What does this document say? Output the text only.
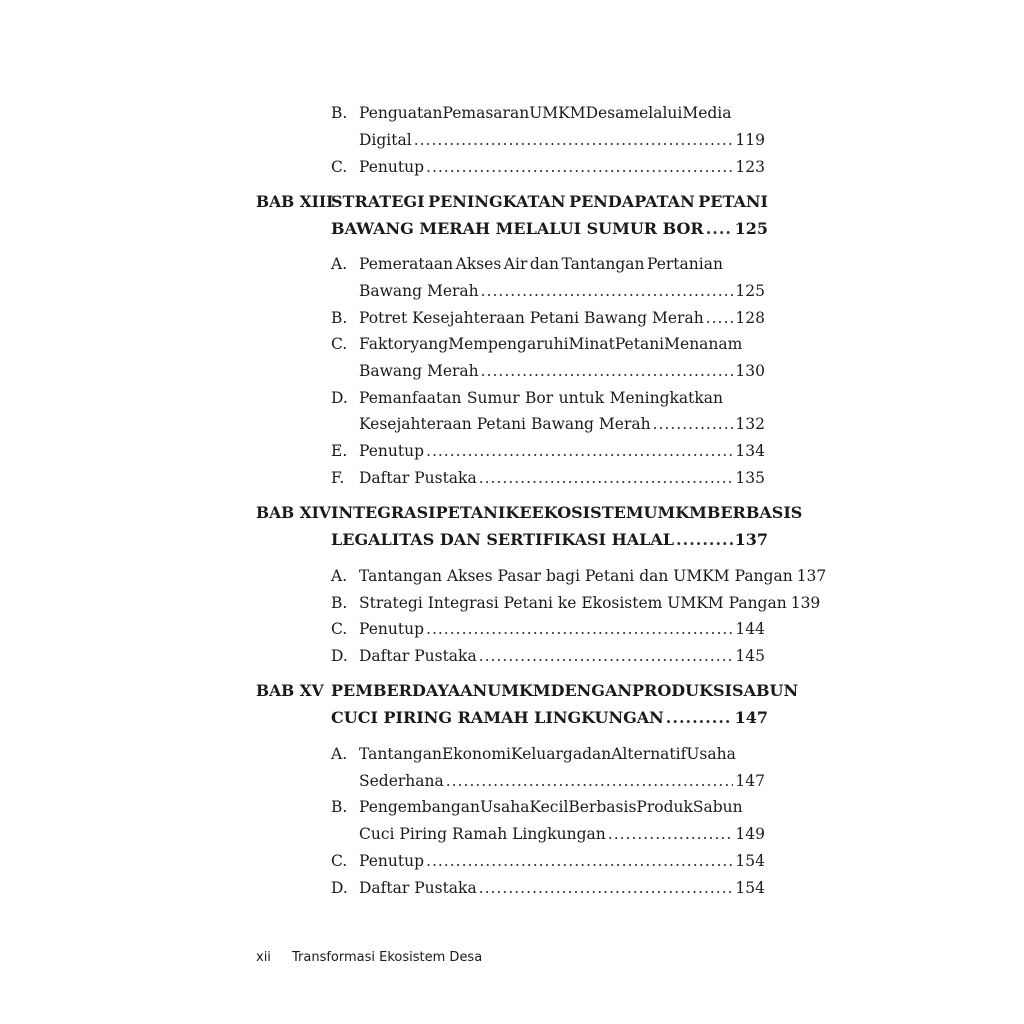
B. Penguatan Pemasaran UMKM Desa melalui Media
Digital .....	119
C. Penutup .....	123
BAB XIII
STRATEGI PENINGKATAN PENDAPATAN PETANI
BAWANG MERAH MELALUI SUMUR BOR ..... 125
A. Pemerataan Akses Air dan Tantangan Pertanian
Bawang Merah .....	125
B. Potret Kesejahteraan Petani Bawang Merah ..... 128
C. Faktor yang Mempengaruhi Minat Petani Menanam
Bawang Merah .....	130
D. Pemanfaatan Sumur Bor untuk Meningkatkan
Kesejahteraan Petani Bawang Merah .....	132
E. Penutup .....	134
F. Daftar Pustaka .....	135
BAB XIV INTEGRASI PETANI KE EKOSISTEM UMKM BERBASIS
LEGALITAS DAN SERTIFIKASI HALAL .....	137
A. Tantangan Akses Pasar bagi Petani dan UMKM Pangan 137
B. Strategi Integrasi Petani ke Ekosistem UMKM Pangan 139
C. Penutup .....	144
D. Daftar Pustaka .....	145
BAB XV PEMBERDAYAAN UMKM DENGAN PRODUKSI SABUN
CUCI PIRING RAMAH LINGKUNGAN .....	147
A. Tantangan Ekonomi Keluarga dan Alternatif Usaha
Sederhana .....	147
B. Pengembangan Usaha Kecil Berbasis Produk Sabun
Cuci Piring Ramah Lingkungan .....	149
C. Penutup .....	154
D. Daftar Pustaka .....	154
xii Transformasi Ekosistem Desa
